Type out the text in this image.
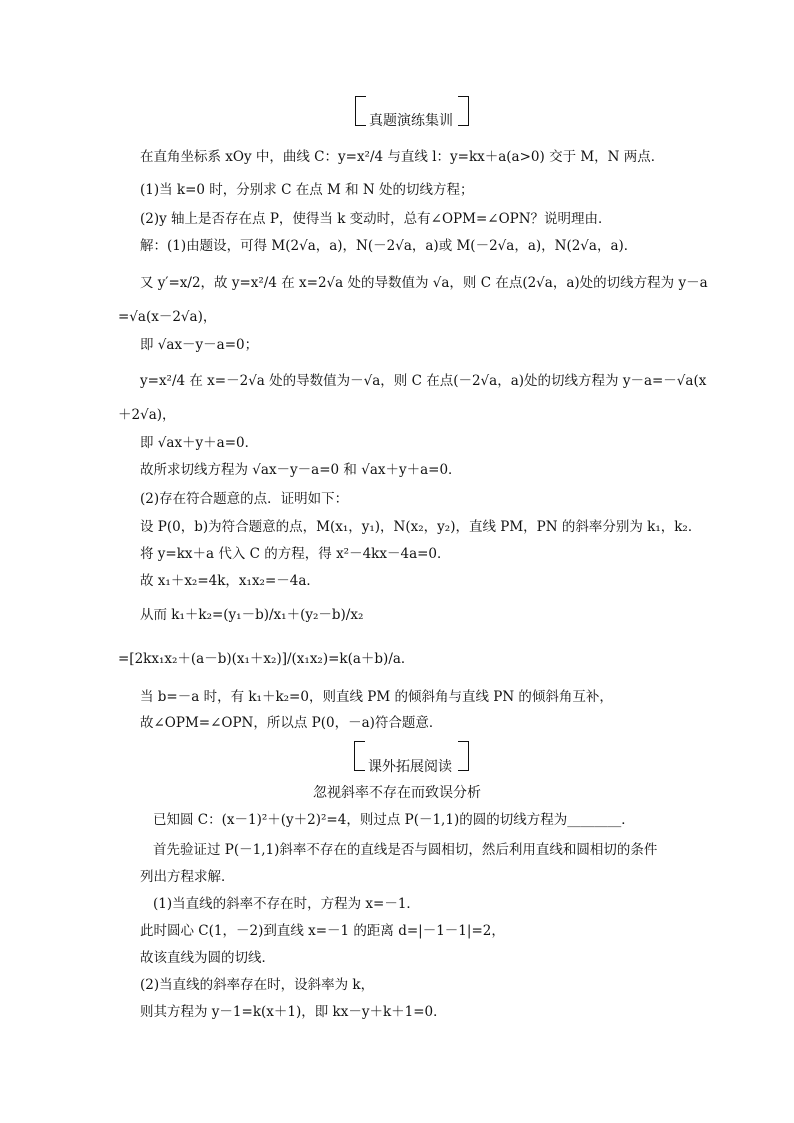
真题演练集训
在直角坐标系 xOy 中，曲线 C：y=x²/4 与直线 l：y=kx＋a(a>0) 交于 M，N 两点．
(1)当 k=0 时，分别求 C 在点 M 和 N 处的切线方程；
(2)y 轴上是否存在点 P，使得当 k 变动时，总有∠OPM=∠OPN？说明理由．
解：(1)由题设，可得 M(2√a，a)，N(－2√a，a)或 M(－2√a，a)，N(2√a，a)．
又 y′=x/2，故 y=x²/4 在 x=2√a 处的导数值为 √a，则 C 在点(2√a，a)处的切线方程为 y－a
=√a(x－2√a)，
即 √ax－y－a=0；
y=x²/4 在 x=－2√a 处的导数值为－√a，则 C 在点(－2√a，a)处的切线方程为 y－a=－√a(x
＋2√a)，
即 √ax＋y＋a=0．
故所求切线方程为 √ax－y－a=0 和 √ax＋y＋a=0．
(2)存在符合题意的点．证明如下：
设 P(0，b)为符合题意的点，M(x₁，y₁)，N(x₂，y₂)，直线 PM，PN 的斜率分别为 k₁，k₂．
将 y=kx＋a 代入 C 的方程，得 x²－4kx－4a=0．
故 x₁＋x₂=4k，x₁x₂=－4a．
从而 k₁＋k₂=(y₁－b)/x₁＋(y₂－b)/x₂
=[2kx₁x₂＋(a－b)(x₁＋x₂)]/(x₁x₂)=k(a＋b)/a．
当 b=－a 时，有 k₁＋k₂=0，则直线 PM 的倾斜角与直线 PN 的倾斜角互补，
故∠OPM=∠OPN，所以点 P(0，－a)符合题意．
课外拓展阅读
忽视斜率不存在而致误分析
已知圆 C：(x－1)²＋(y＋2)²=4，则过点 P(－1,1)的圆的切线方程为________．
首先验证过 P(－1,1)斜率不存在的直线是否与圆相切，然后利用直线和圆相切的条件
列出方程求解．
(1)当直线的斜率不存在时，方程为 x=－1．
此时圆心 C(1，－2)到直线 x=－1 的距离 d=|－1－1|=2，
故该直线为圆的切线．
(2)当直线的斜率存在时，设斜率为 k，
则其方程为 y－1=k(x＋1)，即 kx－y＋k＋1=0．
